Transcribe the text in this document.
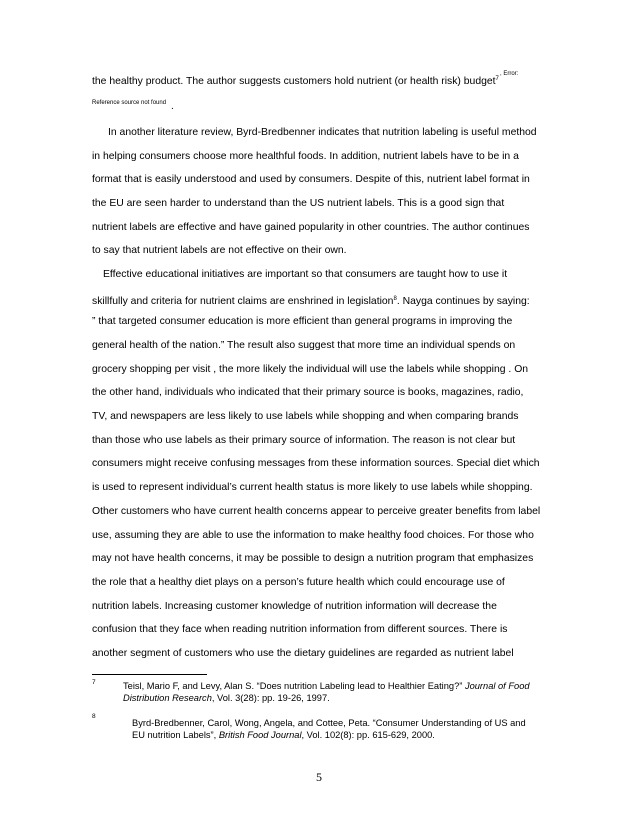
the healthy product. The author suggests customers hold nutrient (or health risk) budget$^7$
, Error:
Reference source not found .
In another literature review, Byrd-Bredbenner indicates that nutrition labeling is useful method
in helping consumers choose more healthful foods. In addition, nutrient labels have to be in a
format that is easily understood and used by consumers. Despite of this, nutrient label format in
the EU are seen harder to understand than the US nutrient labels. This is a good sign that
nutrient labels are effective and have gained popularity in other countries. The author continues
to say that nutrient labels are not effective on their own.
Effective educational initiatives are important so that consumers are taught how to use it
skillfully and criteria for nutrient claims are enshrined in legislation$^8$. Nayga continues by saying:
” that targeted consumer education is more efficient than general programs in improving the
general health of the nation.” The result also suggest that more time an individual spends on
grocery shopping per visit , the more likely the individual will use the labels while shopping . On
the other hand, individuals who indicated that their primary source is books, magazines, radio,
TV, and newspapers are less likely to use labels while shopping and when comparing brands
than those who use labels as their primary source of information. The reason is not clear but
consumers might receive confusing messages from these information sources. Special diet which
is used to represent individual’s current health status is more likely to use labels while shopping.
Other customers who have current health concerns appear to perceive greater benefits from label
use, assuming they are able to use the information to make healthy food choices. For those who
may not have health concerns, it may be possible to design a nutrition program that emphasizes
the role that a healthy diet plays on a person’s future health which could encourage use of
nutrition labels. Increasing customer knowledge of nutrition information will decrease the
confusion that they face when reading nutrition information from different sources. There is
another segment of customers who use the dietary guidelines are regarded as nutrient label
7	Teisl, Mario F, and Levy, Alan S. “Does nutrition Labeling lead to Healthier Eating?” Journal of Food
Distribution Research, Vol. 3(28): pp. 19-26, 1997.
8
Byrd-Bredbenner, Carol, Wong, Angela, and Cottee, Peta. “Consumer Understanding of US and
EU nutrition Labels”, British Food Journal, Vol. 102(8): pp. 615-629, 2000.
5
